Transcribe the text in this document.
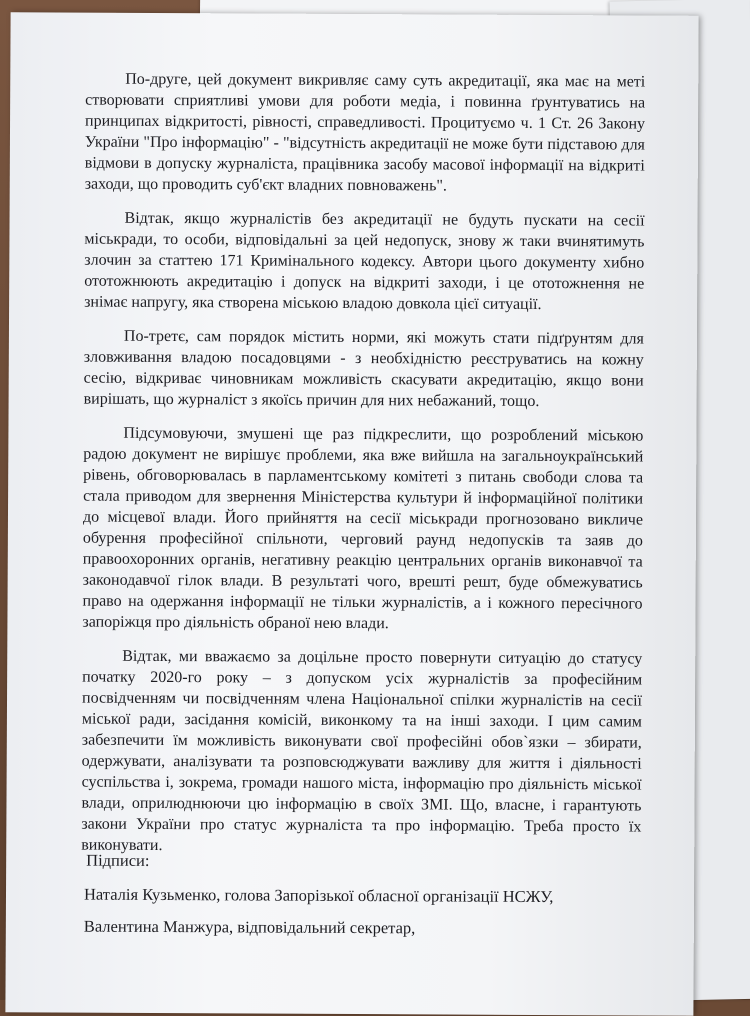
По-друге, цей документ викривляє саму суть акредитації, яка має на меті створювати сприятливі умови для роботи медіа, і повинна ґрунтуватись на принципах відкритості, рівності, справедливості. Процитуємо ч. 1 Ст. 26 Закону України "Про інформацію" - "відсутність акредитації не може бути підставою для відмови в допуску журналіста, працівника засобу масової інформації на відкриті заходи, що проводить суб'єкт владних повноважень".

Відтак, якщо журналістів без акредитації не будуть пускати на сесії міськради, то особи, відповідальні за цей недопуск, знову ж таки вчинятимуть злочин за статтею 171 Кримінального кодексу. Автори цього документу хибно ототожнюють акредитацію і допуск на відкриті заходи, і це ототожнення не знімає напругу, яка створена міською владою довкола цієї ситуації.

По-третє, сам порядок містить норми, які можуть стати підґрунтям для зловживання владою посадовцями - з необхідністю реєструватись на кожну сесію, відкриває чиновникам можливість скасувати акредитацію, якщо вони вирішать, що журналіст з якоїсь причин для них небажаний, тощо.

Підсумовуючи, змушені ще раз підкреслити, що розроблений міською радою документ не вирішує проблеми, яка вже вийшла на загальноукраїнський рівень, обговорювалась в парламентському комітеті з питань свободи слова та стала приводом для звернення Міністерства культури й інформаційної політики до місцевої влади. Його прийняття на сесії міськради прогнозовано викличе обурення професійної спільноти, черговий раунд недопусків та заяв до правоохоронних органів, негативну реакцію центральних органів виконавчої та законодавчої гілок влади. В результаті чого, врешті решт, буде обмежуватись право на одержання інформації не тільки журналістів, а і кожного пересічного запоріжця про діяльність обраної нею влади.

Відтак, ми вважаємо за доцільне просто повернути ситуацію до статусу початку 2020-го року – з допуском усіх журналістів за професійним посвідченням чи посвідченням члена Національної спілки журналістів на сесії міської ради, засідання комісій, виконкому та на інші заходи. І цим самим забезпечити їм можливість виконувати свої професійні обов`язки – збирати, одержувати, аналізувати та розповсюджувати важливу для життя і діяльності суспільства і, зокрема, громади нашого міста, інформацію про діяльність міської влади, оприлюднюючи цю інформацію в своїх ЗМІ. Що, власне, і гарантують закони України про статус журналіста та про інформацію. Треба просто їх виконувати.

Підписи:
Наталія Кузьменко, голова Запорізької обласної організації НСЖУ,
Валентина Манжура, відповідальний секретар,
